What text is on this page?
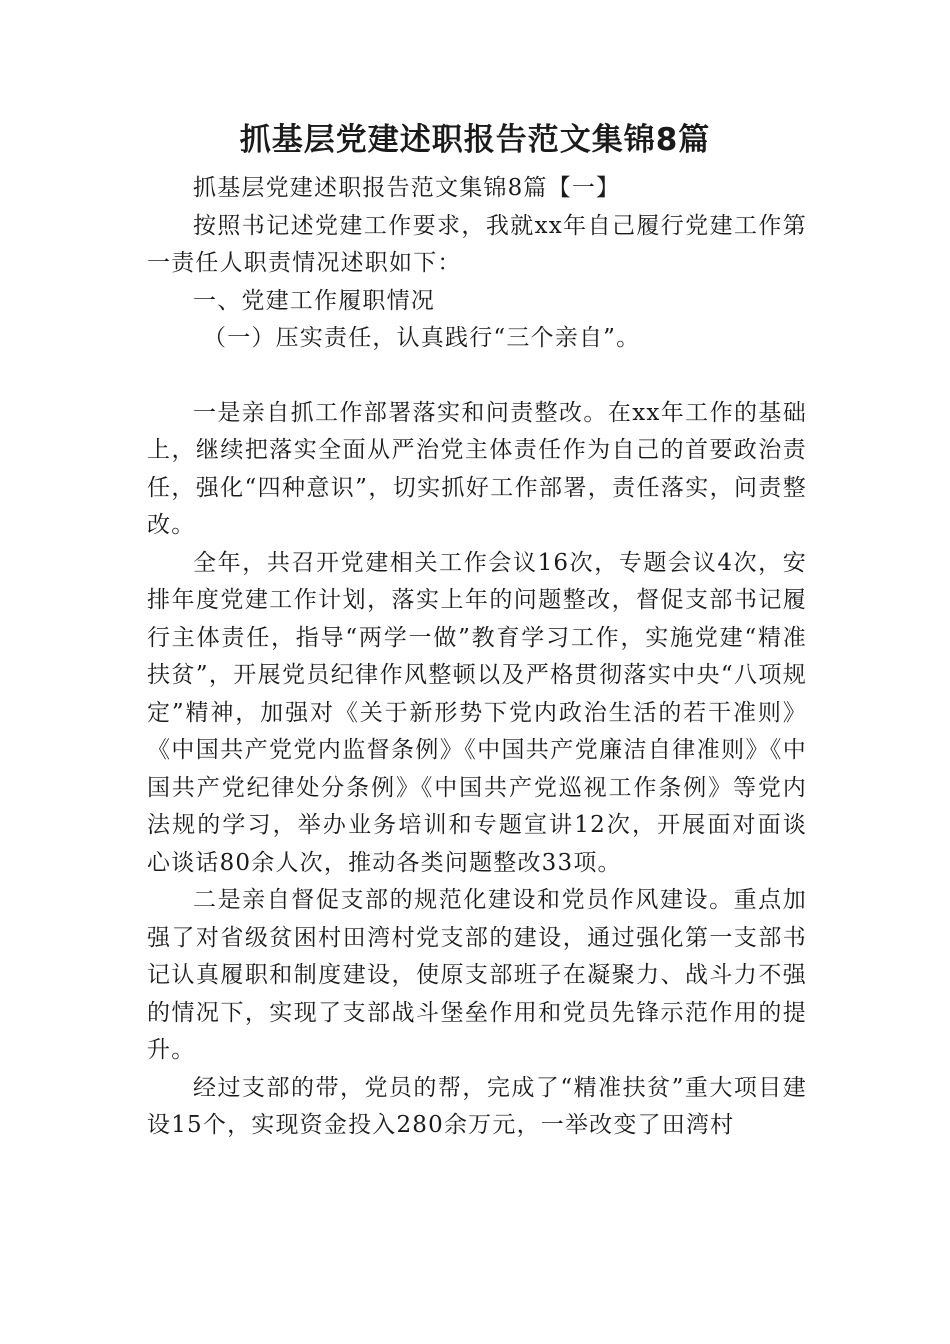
抓基层党建述职报告范文集锦8篇

抓基层党建述职报告范文集锦8篇【一】

按照书记述党建工作要求，我就xx年自己履行党建工作第一责任人职责情况述职如下：

一、党建工作履职情况

（一）压实责任，认真践行“三个亲自”。

一是亲自抓工作部署落实和问责整改。在xx年工作的基础上，继续把落实全面从严治党主体责任作为自己的首要政治责任，强化“四种意识”，切实抓好工作部署，责任落实，问责整改。

全年，共召开党建相关工作会议16次，专题会议4次，安排年度党建工作计划，落实上年的问题整改，督促支部书记履行主体责任，指导“两学一做”教育学习工作，实施党建“精准扶贫”，开展党员纪律作风整顿以及严格贯彻落实中央“八项规定”精神，加强对《关于新形势下党内政治生活的若干准则》《中国共产党党内监督条例》《中国共产党廉洁自律准则》《中国共产党纪律处分条例》《中国共产党巡视工作条例》等党内法规的学习，举办业务培训和专题宣讲12次，开展面对面谈心谈话80余人次，推动各类问题整改33项。

二是亲自督促支部的规范化建设和党员作风建设。重点加强了对省级贫困村田湾村党支部的建设，通过强化第一支部书记认真履职和制度建设，使原支部班子在凝聚力、战斗力不强的情况下，实现了支部战斗堡垒作用和党员先锋示范作用的提升。

经过支部的带，党员的帮，完成了“精准扶贫”重大项目建设15个，实现资金投入280余万元，一举改变了田湾村
